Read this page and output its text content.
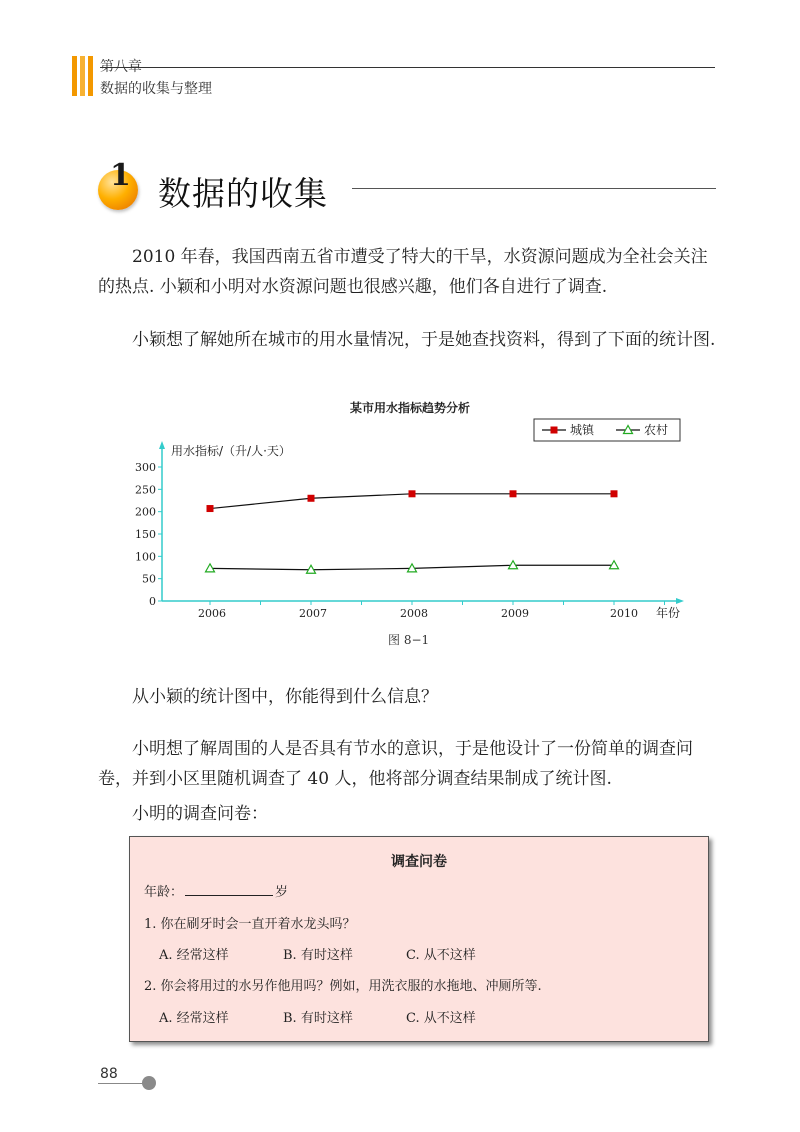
第八章
数据的收集与整理
1 数据的收集

2010 年春，我国西南五省市遭受了特大的干旱，水资源问题成为全社会关注的热点. 小颖和小明对水资源问题也很感兴趣，他们各自进行了调查.

小颖想了解她所在城市的用水量情况，于是她查找资料，得到了下面的统计图.

某市用水指标趋势分析
用水指标/（升/人·天）
0
50
100
150
200
250
300
2006	2007	2008	2009	2010 年份
城镇	农村
图 8−1

从小颖的统计图中，你能得到什么信息？

小明想了解周围的人是否具有节水的意识，于是他设计了一份简单的调查问卷，并到小区里随机调查了 40 人，他将部分调查结果制成了统计图.

小明的调查问卷：

调查问卷
年龄：	岁
1. 你在刷牙时会一直开着水龙头吗？
A. 经常这样	B. 有时这样	C. 从不这样
2. 你会将用过的水另作他用吗？例如，用洗衣服的水拖地、冲厕所等.
A. 经常这样	B. 有时这样	C. 从不这样
88
